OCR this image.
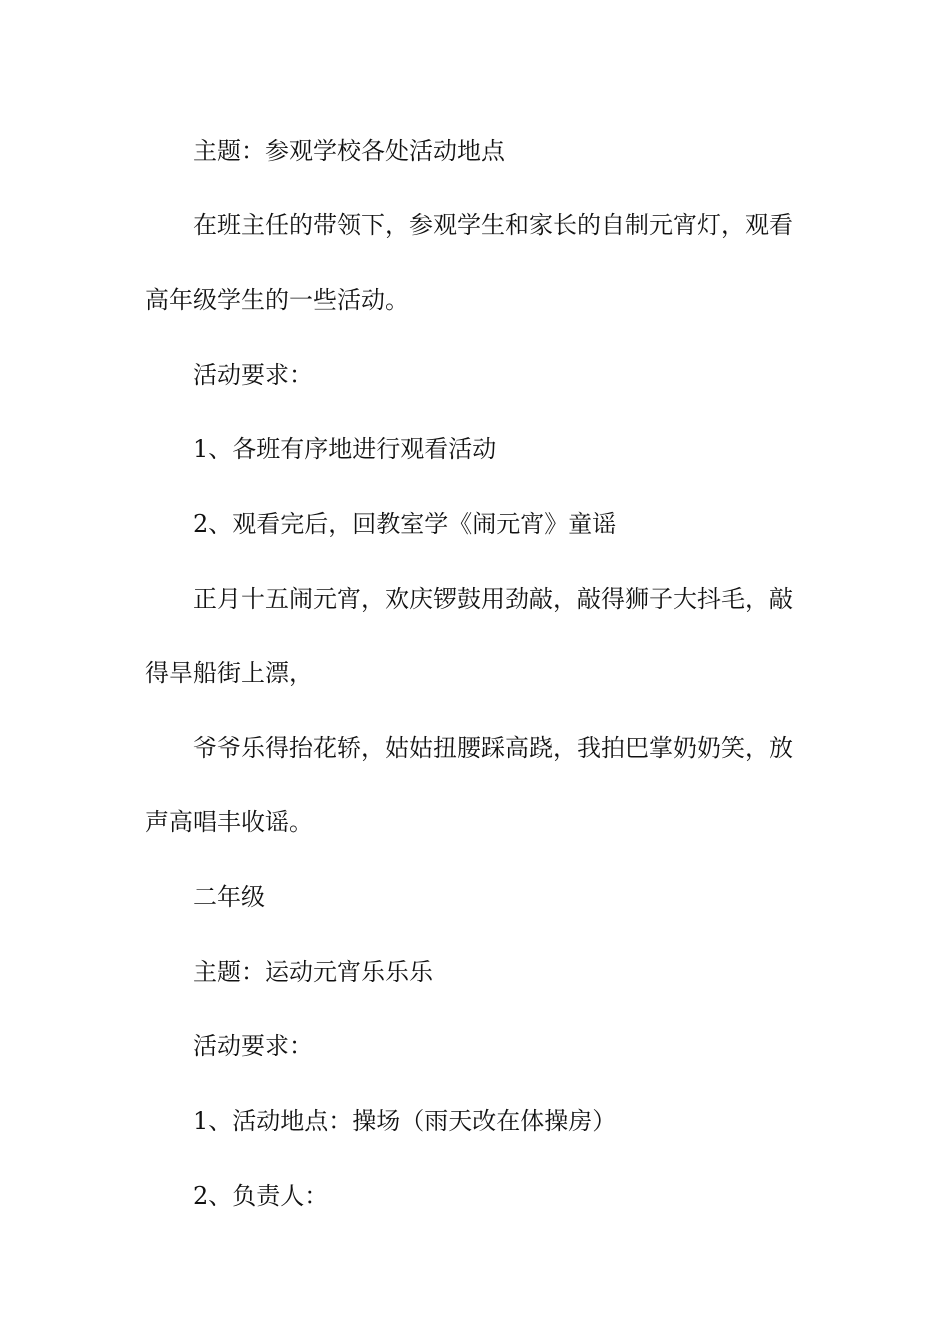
主题：参观学校各处活动地点
在班主任的带领下，参观学生和家长的自制元宵灯，观看
高年级学生的一些活动。
活动要求：
1、各班有序地进行观看活动
2、观看完后，回教室学《闹元宵》童谣
正月十五闹元宵，欢庆锣鼓用劲敲，敲得狮子大抖毛，敲
得旱船街上漂，
爷爷乐得抬花轿，姑姑扭腰踩高跷，我拍巴掌奶奶笑，放
声高唱丰收谣。
二年级
主题：运动元宵乐乐乐
活动要求：
1、活动地点：操场（雨天改在体操房）
2、负责人：
